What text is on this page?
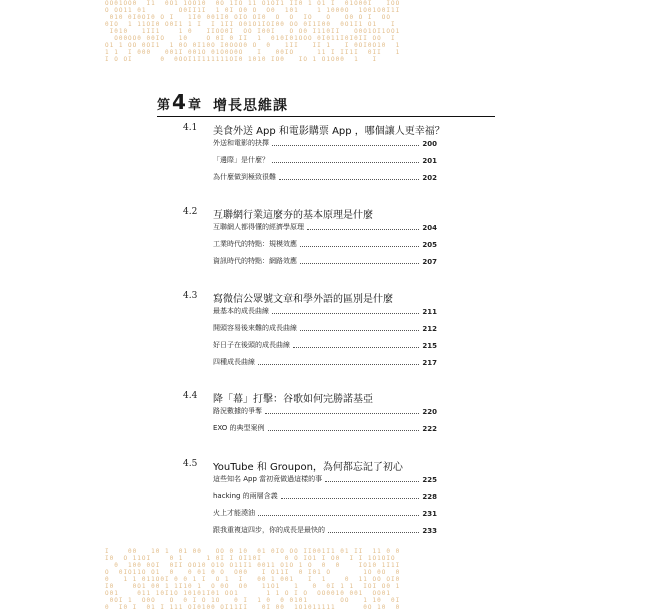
OO01OO0  I1  0O1 1OO10  0O 1IO 11 O1OI1 II0 1 O1 I  01O00I   IOO
O OO11 01       O0II1I  1 0I O0 O  O0  101    1 1000O  1O01O0I1I
010 0I0OI0 O I   1I0 001I0 OIO OI0  O  O  IO   O   O0 O I  OO
0IO  1 11OI0 O0I1 1 I  I 1II O01O1IOI00 OO 0I1I00  0O1I1 O1   I
I010   1II1    1 0   IIOO0I  OO I00I   O O0 I110II   O0O1OI1OO1
O00OO0 00IO   10    O 0I 0 II  1  010I01OOO 0I011I0I0II OO  I
O1 1 OO 0OI1  1 0O 0I10O I0OOO0 O  0   1II   II 1   I 0OI0O10  1
1 1  I 000   001I 001O 01O0O0O   I   00IO     11 I II1I  0II   1
I O OI      0  0OOI1I111111OI0 1010 IO0   IO 1 O1O00  1   I
第 4 章 增長思維課
4.1 美食外送 App 和電影購票 App ，哪個讓人更幸福？
外送和電影的抉擇	200
「邊際」是什麼？	201
為什麼做到極致很難	202
4.2 互聯網行業這麼夯的基本原理是什麼
互聯網人都得懂的經濟學原理	204
工業時代的特點：規模效應	205
資訊時代的特點：網路效應	207
4.3 寫微信公眾號文章和學外語的區別是什麼
最基本的成長曲線	211
開頭容易後來難的成長曲線	212
好日子在後頭的成長曲線	215
四種成長曲線	217
4.4 降「幕」打擊：谷歌如何完勝諾基亞
路況數據的爭奪	220
EXO 的典型案例	222
4.5 YouTube 和 Groupon，為何都忘記了初心
這些知名 App 當初竟做過這樣的事	225
hacking 的兩層含義	228
火上才能澆油	231
跟我重複這四步，你的成長是最快的	233
I    00   10 1  01 00   OO 0 10  01 0IO OO II001I1 01 II  11 0 0
I0  O 11OI    0 1     1 0I I OI10I     0 O IO1 I O0  I I 1O1OIO
0  100 0OI  0II OO10 O1O O11I1 0011 O1O 1 O  0  0    IO10 1I1I
O  0IO11O O1  0   0 01 0 O  O00   I O11I  0 I01 O       1O 0O  0
0   1 1 011O0I 0 0 1 I  O 1  I   00 1 001   I  1    0  11 OO OI0
I0    0O1 00 1 1I10 1  O 0O  O0   11O1   1   0  0I 1 1  IOI O0 1
O01    011 10I1O 10101I01 OO1      1 1 O I O  OO0010 001  OO01
0OI 1  O0O   O  0 I O 1O   0 I  1 0  0 0101       OO   1 10  0I
0  I0 I  01 I 111 OI0100 OI11II   0I 00  1O1011111      0O 10  0
